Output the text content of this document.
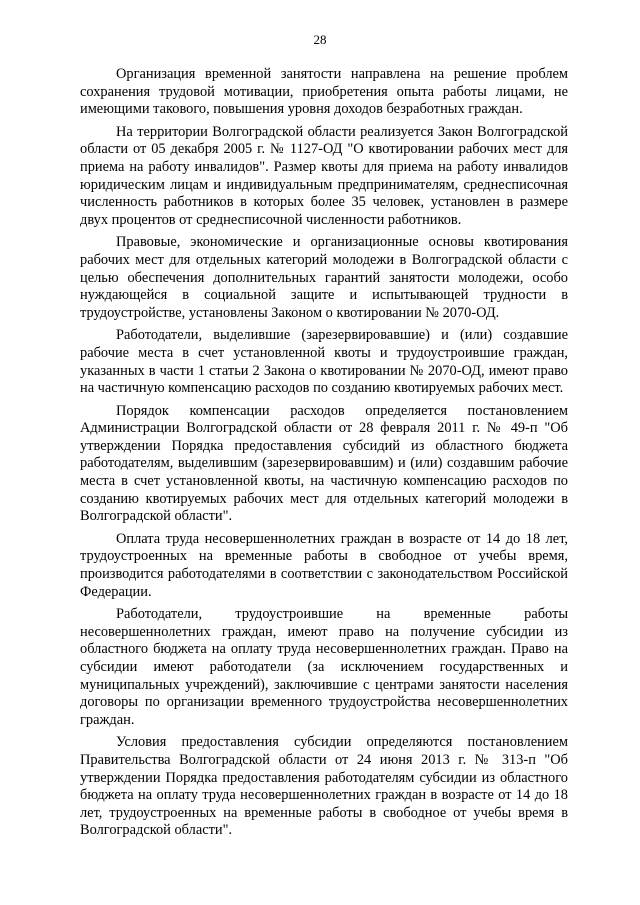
28

Организация временной занятости направлена на решение проблем сохранения трудовой мотивации, приобретения опыта работы лицами, не имеющими такового, повышения уровня доходов безработных граждан.

На территории Волгоградской области реализуется Закон Волгоградской области от 05 декабря 2005 г. № 1127-ОД "О квотировании рабочих мест для приема на работу инвалидов". Размер квоты для приема на работу инвалидов юридическим лицам и индивидуальным предпринимателям, среднесписочная численность работников в которых более 35 человек, установлен в размере двух процентов от среднесписочной численности работников.

Правовые, экономические и организационные основы квотирования рабочих мест для отдельных категорий молодежи в Волгоградской области с целью обеспечения дополнительных гарантий занятости молодежи, особо нуждающейся в социальной защите и испытывающей трудности в трудоустройстве, установлены Законом о квотировании № 2070-ОД.

Работодатели, выделившие (зарезервировавшие) и (или) создавшие рабочие места в счет установленной квоты и трудоустроившие граждан, указанных в части 1 статьи 2 Закона о квотировании № 2070-ОД, имеют право на частичную компенсацию расходов по созданию квотируемых рабочих мест.

Порядок компенсации расходов определяется постановлением Администрации Волгоградской области от 28 февраля 2011 г. № 49-п "Об утверждении Порядка предоставления субсидий из областного бюджета работодателям, выделившим (зарезервировавшим) и (или) создавшим рабочие места в счет установленной квоты, на частичную компенсацию расходов по созданию квотируемых рабочих мест для отдельных категорий молодежи в Волгоградской области".

Оплата труда несовершеннолетних граждан в возрасте от 14 до 18 лет, трудоустроенных на временные работы в свободное от учебы время, производится работодателями в соответствии с законодательством Российской Федерации.

Работодатели, трудоустроившие на временные работы несовершеннолетних граждан, имеют право на получение субсидии из областного бюджета на оплату труда несовершеннолетних граждан. Право на субсидии имеют работодатели (за исключением государственных и муниципальных учреждений), заключившие с центрами занятости населения договоры по организации временного трудоустройства несовершеннолетних граждан.

Условия предоставления субсидии определяются постановлением Правительства Волгоградской области от 24 июня 2013 г. № 313-п "Об утверждении Порядка предоставления работодателям субсидии из областного бюджета на оплату труда несовершеннолетних граждан в возрасте от 14 до 18 лет, трудоустроенных на временные работы в свободное от учебы время в Волгоградской области".
